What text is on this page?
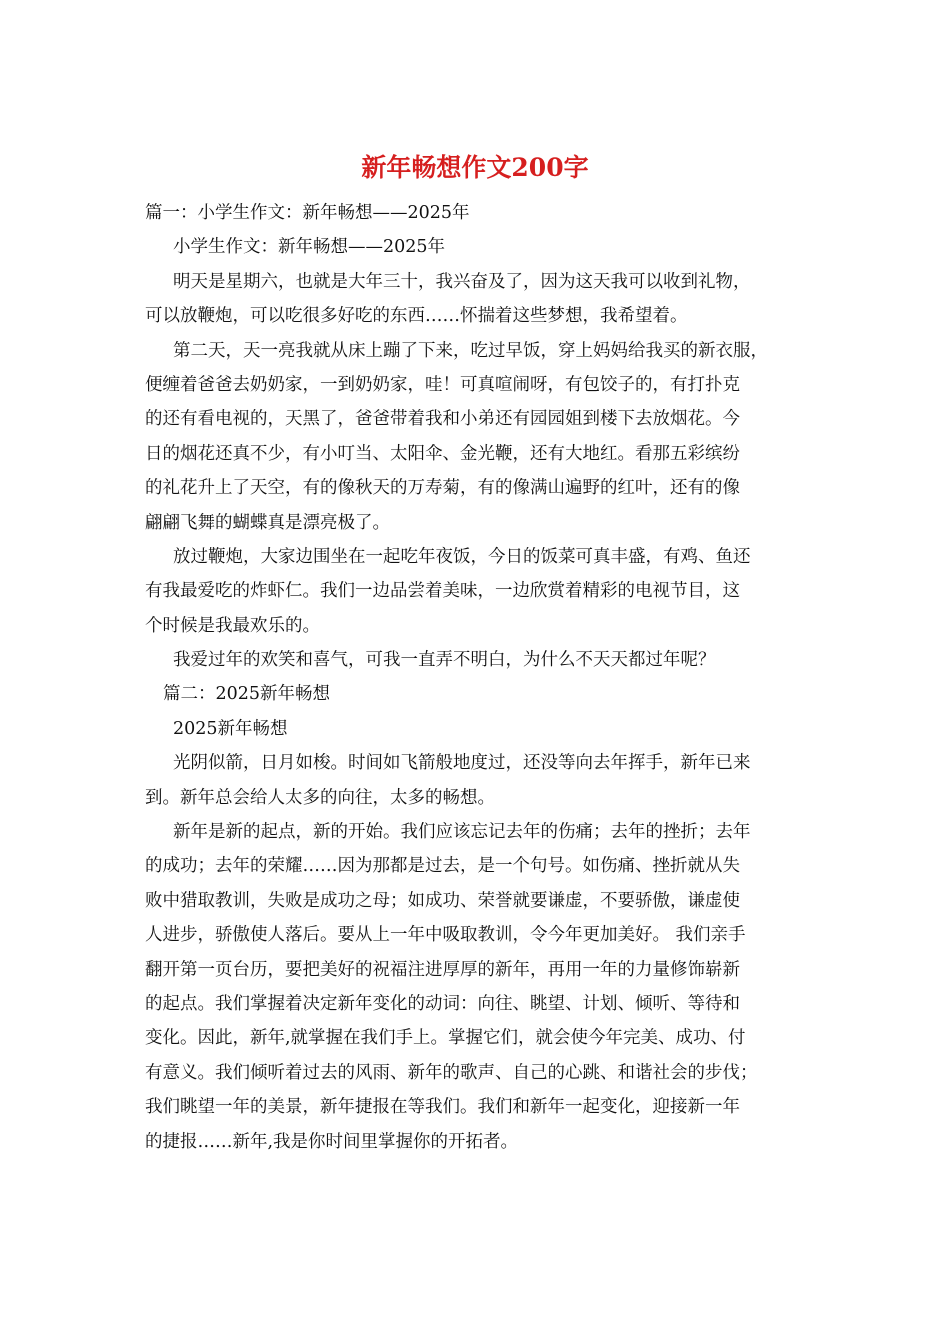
新年畅想作文200字
篇一：小学生作文：新年畅想——2025年
小学生作文：新年畅想——2025年
明天是星期六，也就是大年三十，我兴奋及了，因为这天我可以收到礼物，
可以放鞭炮，可以吃很多好吃的东西……怀揣着这些梦想，我希望着。
第二天，天一亮我就从床上蹦了下来，吃过早饭，穿上妈妈给我买的新衣服，
便缠着爸爸去奶奶家，一到奶奶家，哇！可真喧闹呀，有包饺子的，有打扑克
的还有看电视的，天黑了，爸爸带着我和小弟还有园园姐到楼下去放烟花。今
日的烟花还真不少，有小叮当、太阳伞、金光鞭，还有大地红。看那五彩缤纷
的礼花升上了天空，有的像秋天的万寿菊，有的像满山遍野的红叶，还有的像
翩翩飞舞的蝴蝶真是漂亮极了。
放过鞭炮，大家边围坐在一起吃年夜饭，今日的饭菜可真丰盛，有鸡、鱼还
有我最爱吃的炸虾仁。我们一边品尝着美味，一边欣赏着精彩的电视节目，这
个时候是我最欢乐的。
我爱过年的欢笑和喜气，可我一直弄不明白，为什么不天天都过年呢？
篇二：2025新年畅想
2025新年畅想
光阴似箭，日月如梭。时间如飞箭般地度过，还没等向去年挥手，新年已来
到。新年总会给人太多的向往，太多的畅想。
新年是新的起点，新的开始。我们应该忘记去年的伤痛；去年的挫折；去年
的成功；去年的荣耀……因为那都是过去，是一个句号。如伤痛、挫折就从失
败中猎取教训，失败是成功之母；如成功、荣誉就要谦虚，不要骄傲，谦虚使
人进步，骄傲使人落后。要从上一年中吸取教训，令今年更加美好。 我们亲手
翻开第一页台历，要把美好的祝福注进厚厚的新年，再用一年的力量修饰崭新
的起点。我们掌握着决定新年变化的动词：向往、眺望、计划、倾听、等待和
变化。因此，新年,就掌握在我们手上。掌握它们，就会使今年完美、成功、付
有意义。我们倾听着过去的风雨、新年的歌声、自己的心跳、和谐社会的步伐；
我们眺望一年的美景，新年捷报在等我们。我们和新年一起变化，迎接新一年
的捷报……新年,我是你时间里掌握你的开拓者。
